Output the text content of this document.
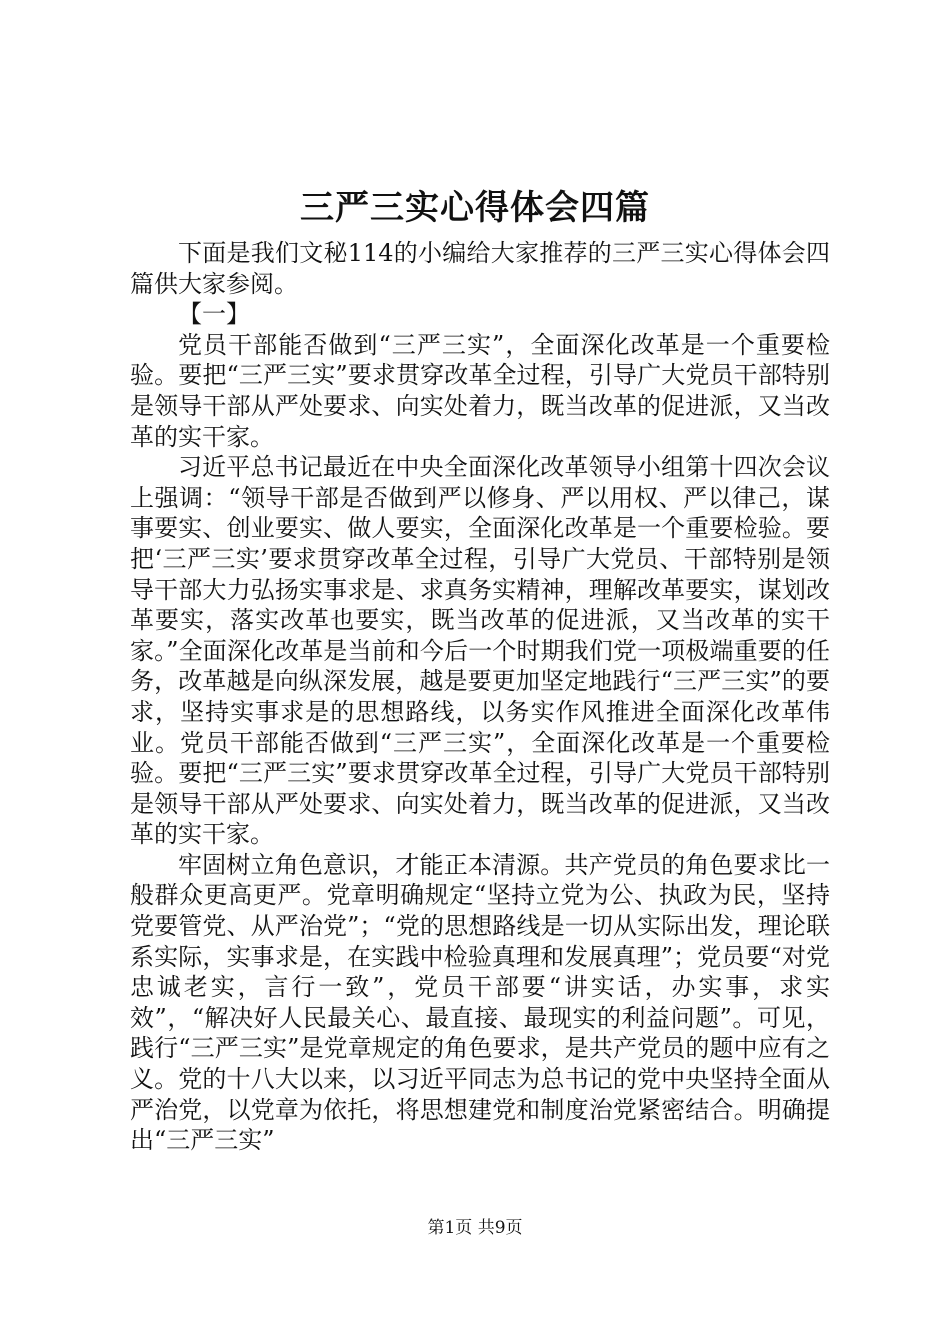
三严三实心得体会四篇

下面是我们文秘114的小编给大家推荐的三严三实心得体会四篇供大家参阅。

【一】

党员干部能否做到“三严三实”，全面深化改革是一个重要检验。要把“三严三实”要求贯穿改革全过程，引导广大党员干部特别是领导干部从严处要求、向实处着力，既当改革的促进派，又当改革的实干家。

习近平总书记最近在中央全面深化改革领导小组第十四次会议上强调：“领导干部是否做到严以修身、严以用权、严以律己，谋事要实、创业要实、做人要实，全面深化改革是一个重要检验。要把‘三严三实’要求贯穿改革全过程，引导广大党员、干部特别是领导干部大力弘扬实事求是、求真务实精神，理解改革要实，谋划改革要实，落实改革也要实，既当改革的促进派，又当改革的实干家。”全面深化改革是当前和今后一个时期我们党一项极端重要的任务，改革越是向纵深发展，越是要更加坚定地践行“三严三实”的要求，坚持实事求是的思想路线，以务实作风推进全面深化改革伟业。党员干部能否做到“三严三实”，全面深化改革是一个重要检验。要把“三严三实”要求贯穿改革全过程，引导广大党员干部特别是领导干部从严处要求、向实处着力，既当改革的促进派，又当改革的实干家。

牢固树立角色意识，才能正本清源。共产党员的角色要求比一般群众更高更严。党章明确规定“坚持立党为公、执政为民，坚持党要管党、从严治党”；“党的思想路线是一切从实际出发，理论联系实际，实事求是，在实践中检验真理和发展真理”；党员要“对党忠诚老实，言行一致”，党员干部要“讲实话，办实事，求实效”，“解决好人民最关心、最直接、最现实的利益问题”。可见，践行“三严三实”是党章规定的角色要求，是共产党员的题中应有之义。党的十八大以来，以习近平同志为总书记的党中央坚持全面从严治党，以党章为依托，将思想建党和制度治党紧密结合。明确提出“三严三实”

第1页 共9页
